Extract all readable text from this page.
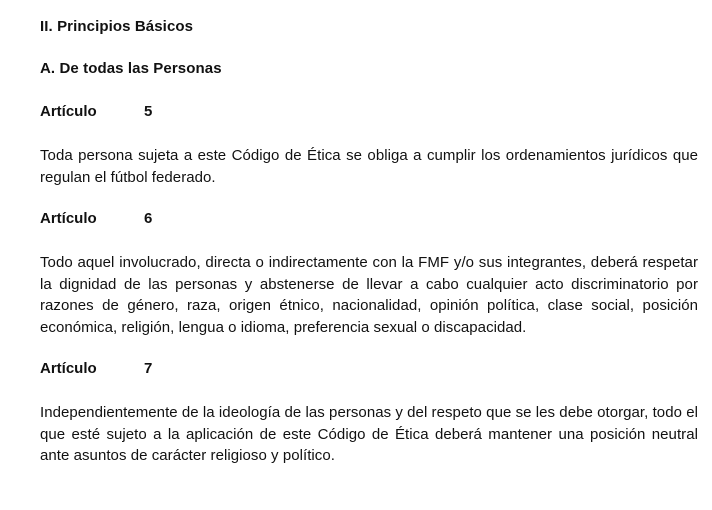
II. Principios Básicos
A. De todas las Personas
Artículo	5
Toda persona sujeta a este Código de Ética se obliga a cumplir los ordenamientos jurídicos que regulan el fútbol federado.
Artículo	6
Todo aquel involucrado, directa o indirectamente con la FMF y/o sus integrantes, deberá respetar la dignidad de las personas y abstenerse de llevar a cabo cualquier acto discriminatorio por razones de género, raza, origen étnico, nacionalidad, opinión política, clase social, posición económica, religión, lengua o idioma, preferencia sexual o discapacidad.
Artículo	7
Independientemente de la ideología de las personas y del respeto que se les debe otorgar, todo el que esté sujeto a la aplicación de este Código de Ética deberá mantener una posición neutral ante asuntos de carácter religioso y político.
